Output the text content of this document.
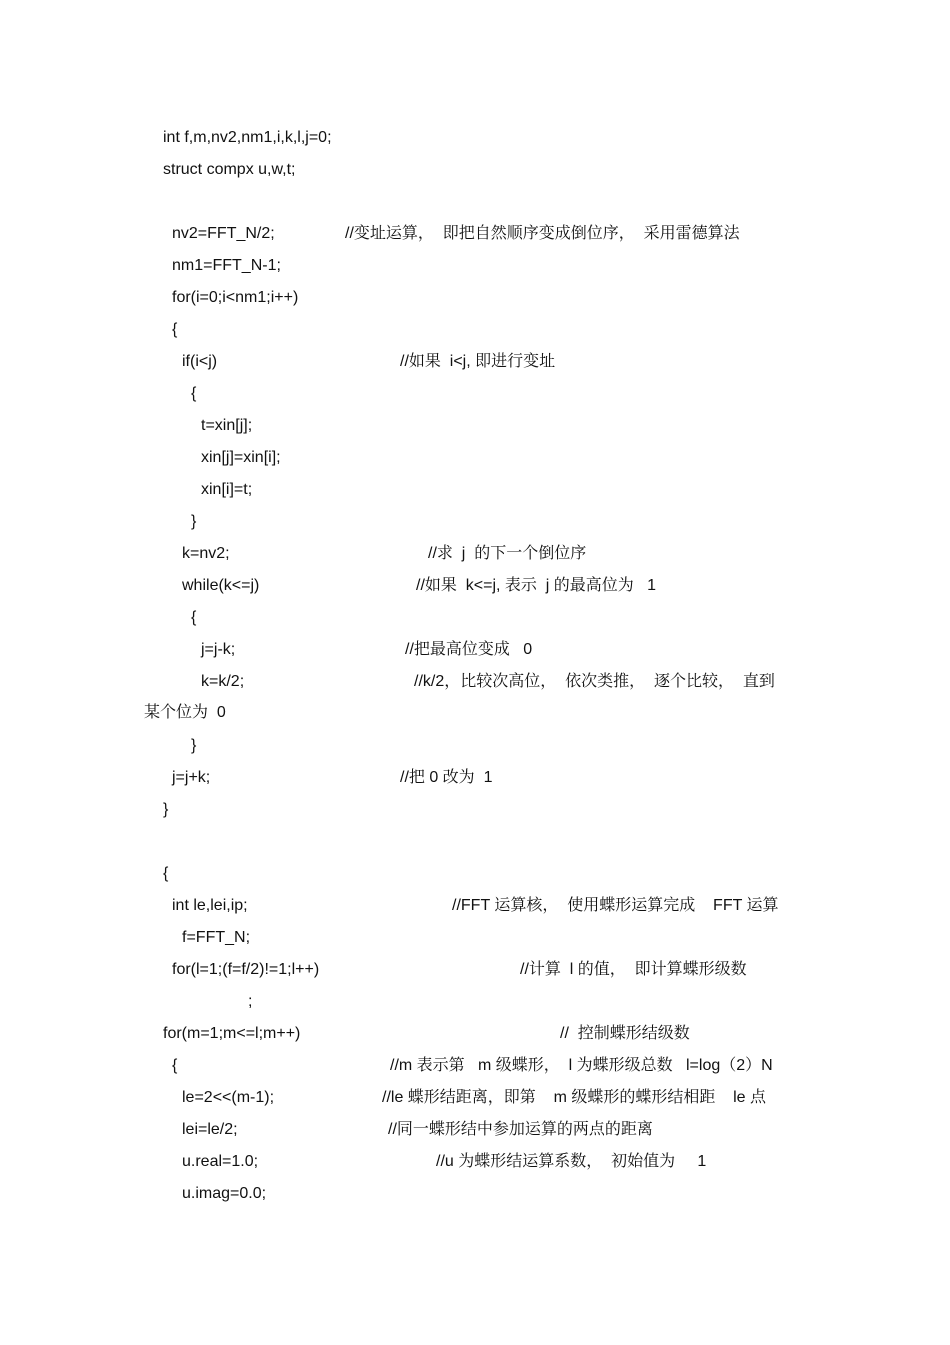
int f,m,nv2,nm1,i,k,l,j=0;
struct compx u,w,t;
nv2=FFT_N/2;	//变址运算，  即把自然顺序变成倒位序，  采用雷德算法
nm1=FFT_N-1;
for(i=0;i<nm1;i++)
{
if(i<j)	//如果  i<j, 即进行变址
{
t=xin[j];
xin[j]=xin[i];
xin[i]=t;
}
k=nv2;	//求  j  的下一个倒位序
while(k<=j)	//如果  k<=j, 表示  j 的最高位为   1
{
j=j-k;	//把最高位变成   0
k=k/2;	//k/2，比较次高位，  依次类推，  逐个比较，  直到
某个位为  0
}
j=j+k;	//把 0 改为  1
}
{
int le,lei,ip;	//FFT 运算核，  使用蝶形运算完成    FFT 运算
f=FFT_N;
for(l=1;(f=f/2)!=1;l++)	//计算  l 的值，  即计算蝶形级数
;
for(m=1;m<=l;m++)	//  控制蝶形结级数
{	//m 表示第   m 级蝶形，  l 为蝶形级总数   l=log（2）N
le=2<<(m-1);	//le 蝶形结距离，即第    m 级蝶形的蝶形结相距    le 点
lei=le/2;	//同一蝶形结中参加运算的两点的距离
u.real=1.0;	//u 为蝶形结运算系数，  初始值为     1
u.imag=0.0;
